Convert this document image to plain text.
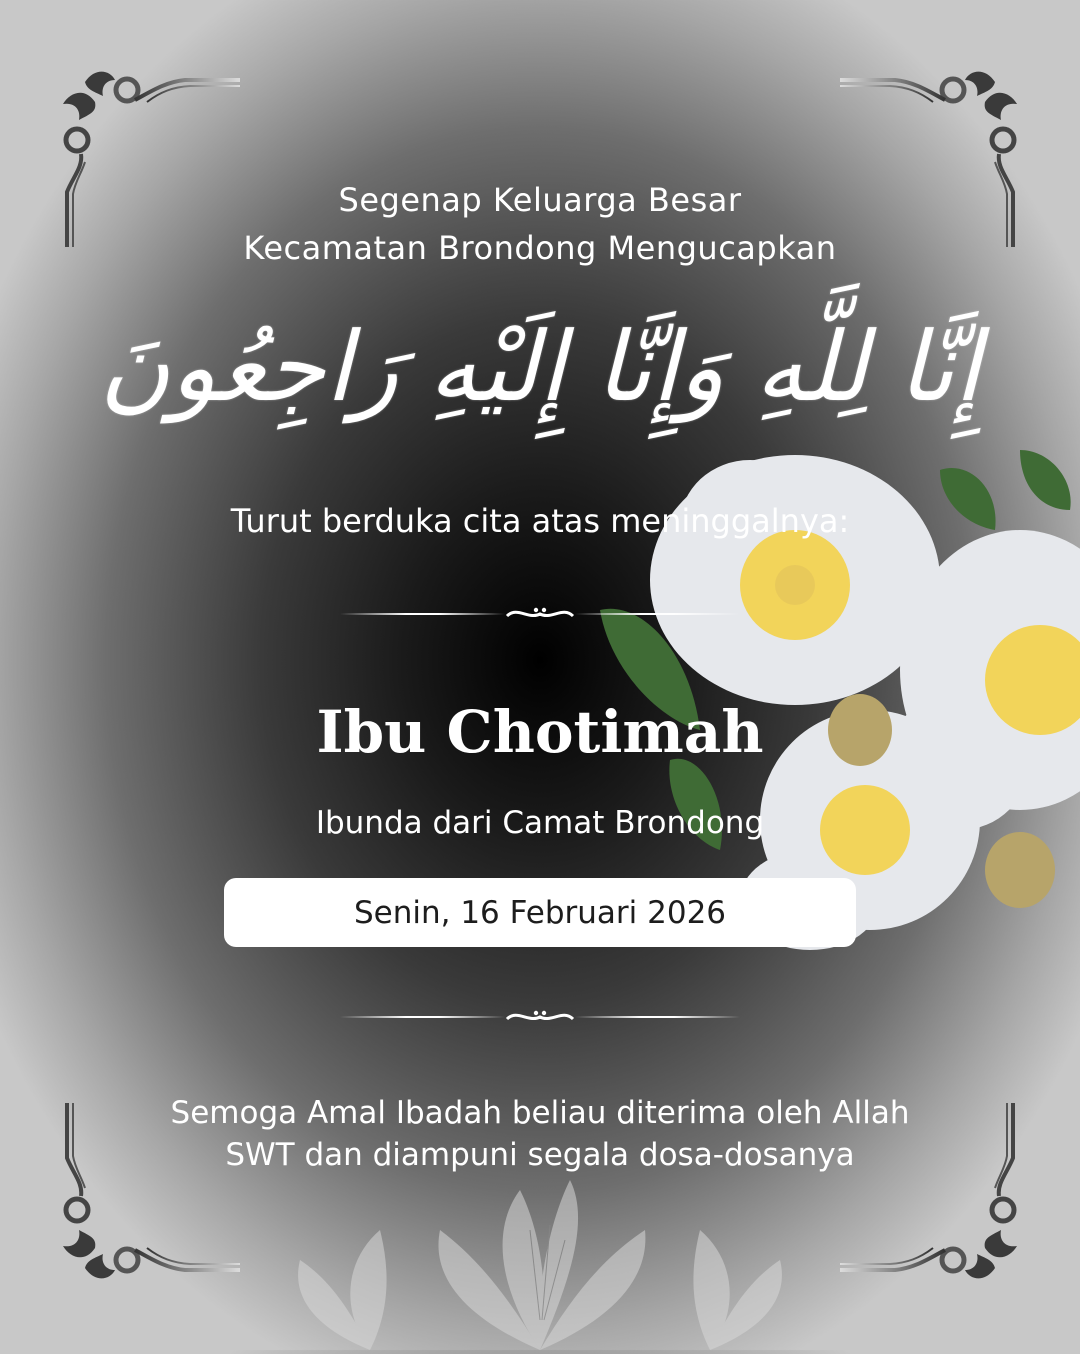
Segenap Keluarga Besar
Kecamatan Brondong Mengucapkan
إِنَّا لِلَّهِ وَإِنَّا إِلَيْهِ رَاجِعُونَ
Turut berduka cita atas meninggalnya:
Ibu Chotimah
Ibunda dari Camat Brondong
Senin, 16 Februari 2026
Semoga Amal Ibadah beliau diterima oleh Allah
SWT dan diampuni segala dosa-dosanya
